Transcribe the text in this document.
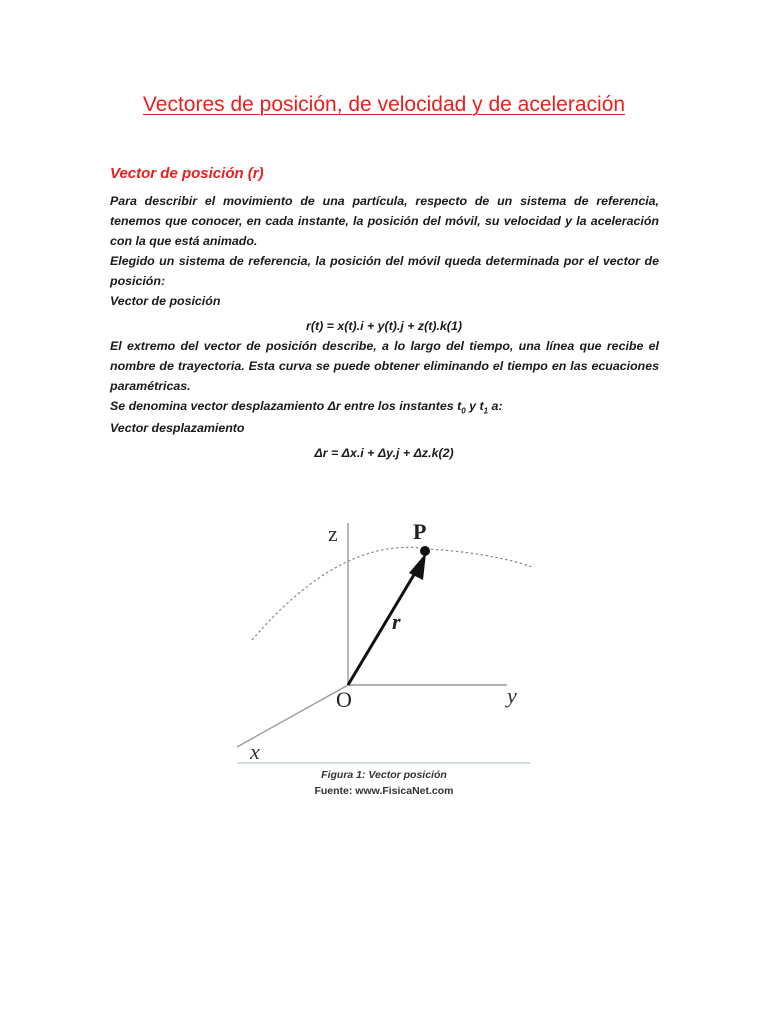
Vectores de posición, de velocidad y de aceleración
Vector de posición (r)

Para describir el movimiento de una partícula, respecto de un sistema de referencia, tenemos que conocer, en cada instante, la posición del móvil, su velocidad y la aceleración con la que está animado.

Elegido un sistema de referencia, la posición del móvil queda determinada por el vector de posición:

Vector de posición
r(t) = x(t).i + y(t).j + z(t).k(1)

El extremo del vector de posición describe, a lo largo del tiempo, una línea que recibe el nombre de trayectoria. Esta curva se puede obtener eliminando el tiempo en las ecuaciones paramétricas.

Se denomina vector desplazamiento Δr entre los instantes $t_0$ y $t_1$ a:
Vector desplazamiento
Δr = Δx.i + Δy.j + Δz.k(2)
z	P
r
O	y
x
Figura 1: Vector posición
Fuente: www.FisicaNet.com
